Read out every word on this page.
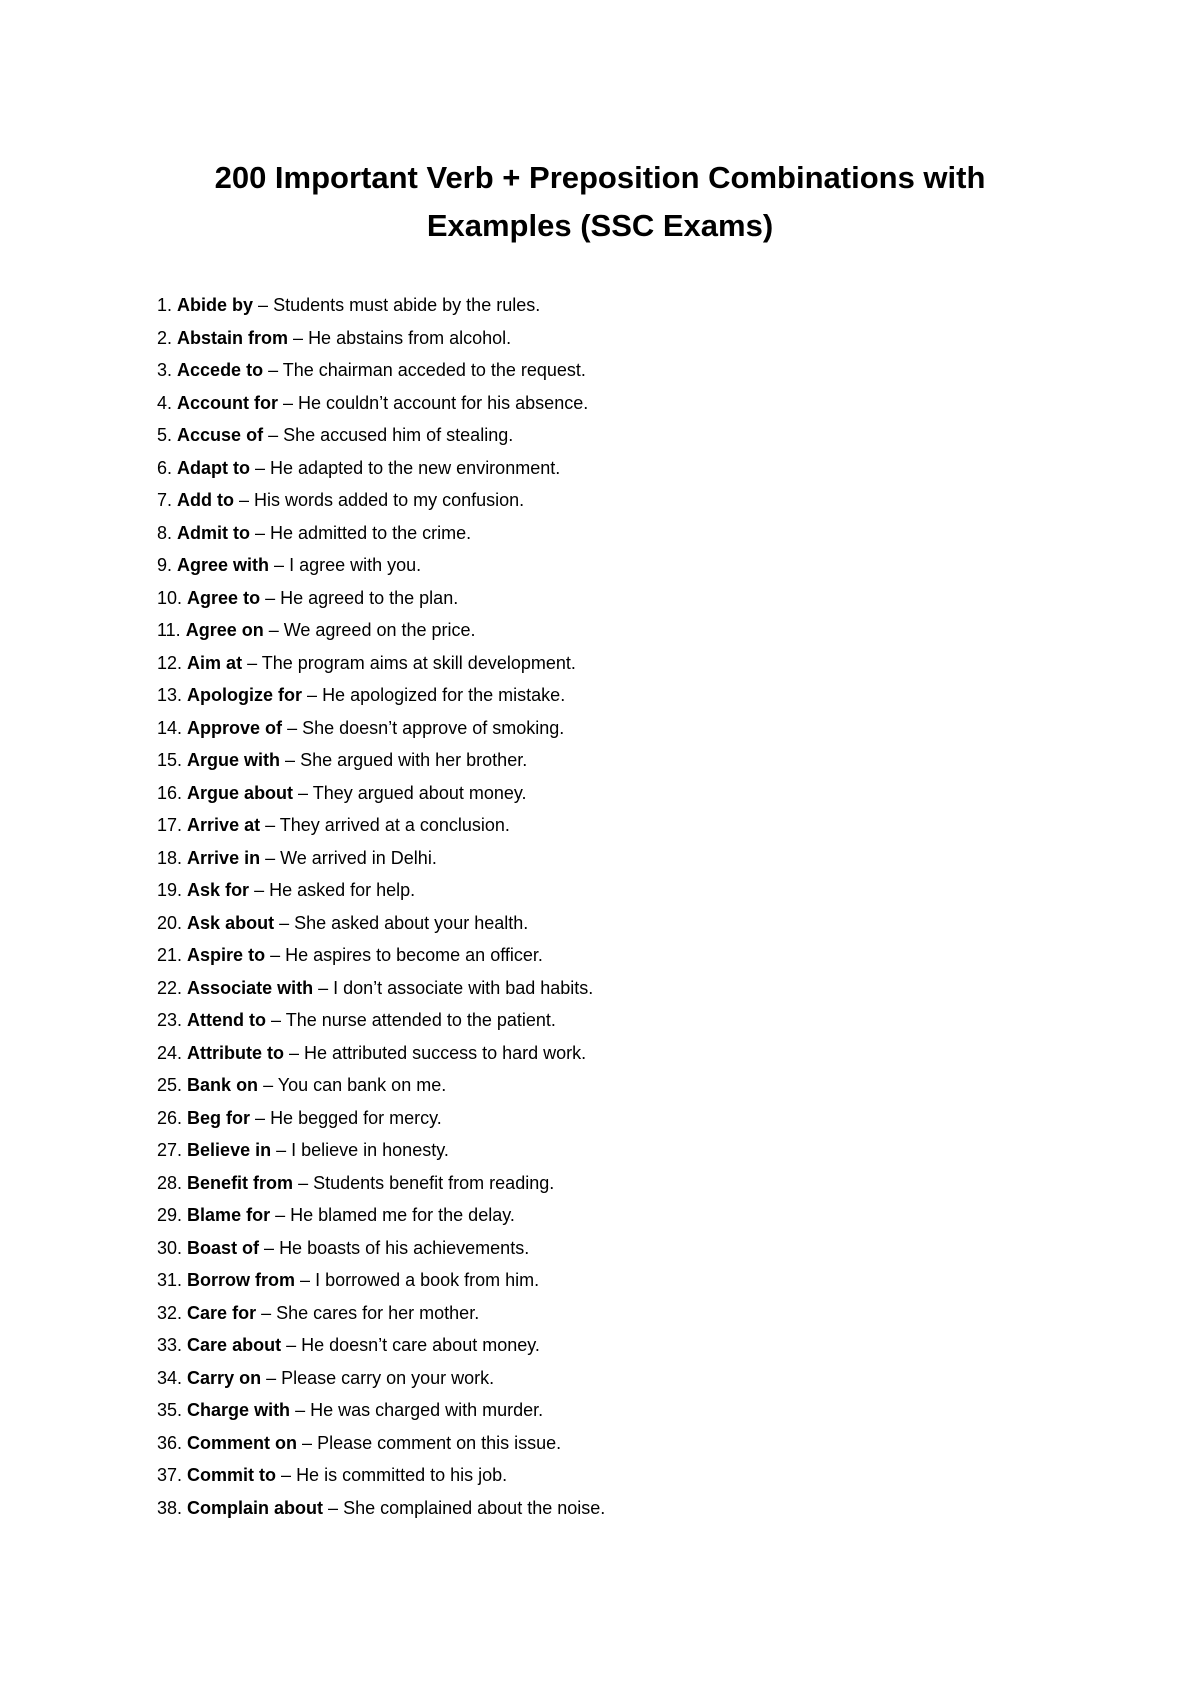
200 Important Verb + Preposition Combinations with
Examples (SSC Exams)
1. Abide by – Students must abide by the rules.
2. Abstain from – He abstains from alcohol.
3. Accede to – The chairman acceded to the request.
4. Account for – He couldn’t account for his absence.
5. Accuse of – She accused him of stealing.
6. Adapt to – He adapted to the new environment.
7. Add to – His words added to my confusion.
8. Admit to – He admitted to the crime.
9. Agree with – I agree with you.
10. Agree to – He agreed to the plan.
11. Agree on – We agreed on the price.
12. Aim at – The program aims at skill development.
13. Apologize for – He apologized for the mistake.
14. Approve of – She doesn’t approve of smoking.
15. Argue with – She argued with her brother.
16. Argue about – They argued about money.
17. Arrive at – They arrived at a conclusion.
18. Arrive in – We arrived in Delhi.
19. Ask for – He asked for help.
20. Ask about – She asked about your health.
21. Aspire to – He aspires to become an officer.
22. Associate with – I don’t associate with bad habits.
23. Attend to – The nurse attended to the patient.
24. Attribute to – He attributed success to hard work.
25. Bank on – You can bank on me.
26. Beg for – He begged for mercy.
27. Believe in – I believe in honesty.
28. Benefit from – Students benefit from reading.
29. Blame for – He blamed me for the delay.
30. Boast of – He boasts of his achievements.
31. Borrow from – I borrowed a book from him.
32. Care for – She cares for her mother.
33. Care about – He doesn’t care about money.
34. Carry on – Please carry on your work.
35. Charge with – He was charged with murder.
36. Comment on – Please comment on this issue.
37. Commit to – He is committed to his job.
38. Complain about – She complained about the noise.
